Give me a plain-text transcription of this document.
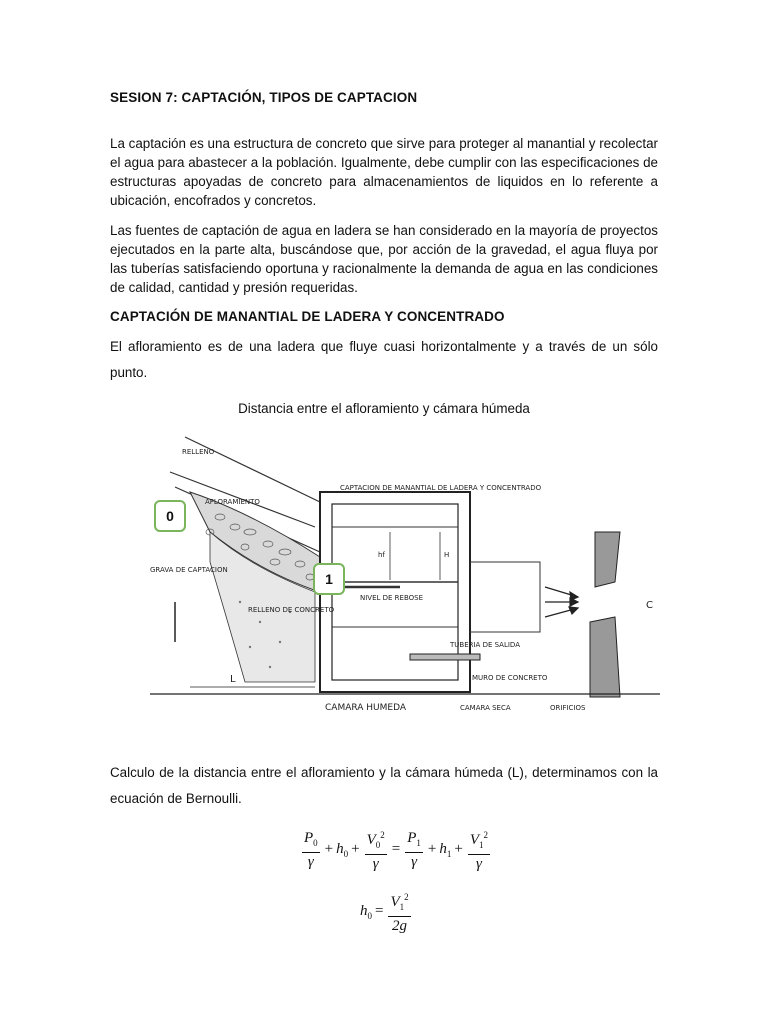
SESION 7: CAPTACIÓN, TIPOS DE CAPTACION

La captación es una estructura de concreto que sirve para proteger al manantial y recolectar el agua para abastecer a la población. Igualmente, debe cumplir con las especificaciones de estructuras apoyadas de concreto para almacenamientos de liquidos en lo referente a ubicación, encofrados y concretos.

Las fuentes de captación de agua en ladera se han considerado en la mayoría de proyectos ejecutados en la parte alta, buscándose que, por acción de la gravedad, el agua fluya por las tuberías satisfaciendo oportuna y racionalmente la demanda de agua en las condiciones de calidad, cantidad y presión requeridas.

CAPTACIÓN DE MANANTIAL DE LADERA Y CONCENTRADO

El afloramiento es de una ladera que fluye cuasi horizontalmente y a través de un sólo punto.

Distancia entre el afloramiento y cámara húmeda
hf	H
NIVEL DE REBOSE
TUBERIA DE SALIDA
C
CAPTACION DE MANANTIAL DE LADERA Y CONCENTRADO
RELLENO
AFLORAMIENTO
GRAVA DE CAPTACION
RELLENO DE CONCRETO
MURO DE CONCRETO
L
CAMARA HUMEDA	CAMARA SECA	ORIFICIOS
0
1

Calculo de la distancia entre el afloramiento y la cámara húmeda (L), determinamos con la ecuación de Bernoulli.

$\frac{P_0}{\gamma} + h_0 + \frac{V_0^2}{\gamma} = \frac{P_1}{\gamma} + h_1 + \frac{V_1^2}{\gamma}$
$h_0 = \frac{V_1^2}{2g}$
